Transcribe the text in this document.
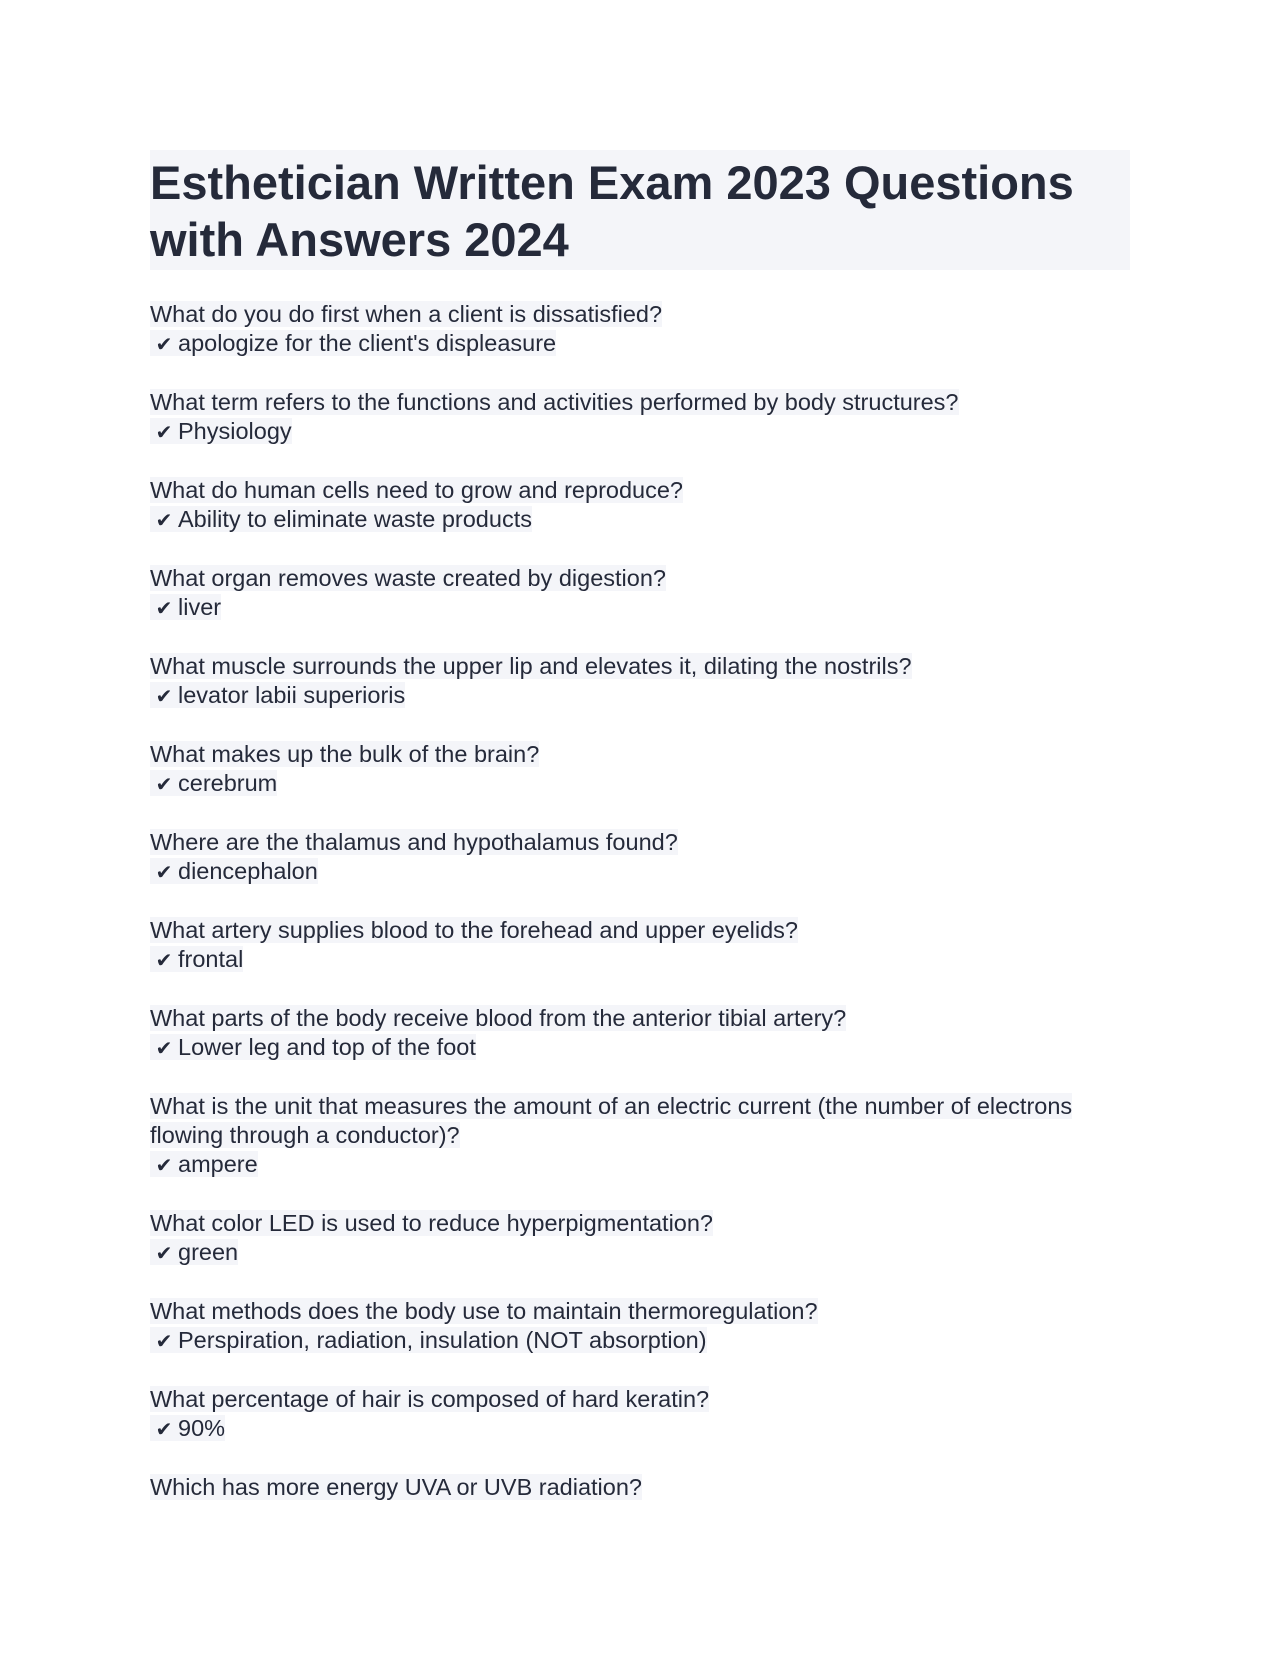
Esthetician Written Exam 2023 Questions with Answers 2024
What do you do first when a client is dissatisfied?
✔ apologize for the client's displeasure
What term refers to the functions and activities performed by body structures?
✔ Physiology
What do human cells need to grow and reproduce?
✔ Ability to eliminate waste products
What organ removes waste created by digestion?
✔ liver
What muscle surrounds the upper lip and elevates it, dilating the nostrils?
✔ levator labii superioris
What makes up the bulk of the brain?
✔ cerebrum
Where are the thalamus and hypothalamus found?
✔ diencephalon
What artery supplies blood to the forehead and upper eyelids?
✔ frontal
What parts of the body receive blood from the anterior tibial artery?
✔ Lower leg and top of the foot
What is the unit that measures the amount of an electric current (the number of electrons flowing through a conductor)?
✔ ampere
What color LED is used to reduce hyperpigmentation?
✔ green
What methods does the body use to maintain thermoregulation?
✔ Perspiration, radiation, insulation (NOT absorption)
What percentage of hair is composed of hard keratin?
✔ 90%
Which has more energy UVA or UVB radiation?
